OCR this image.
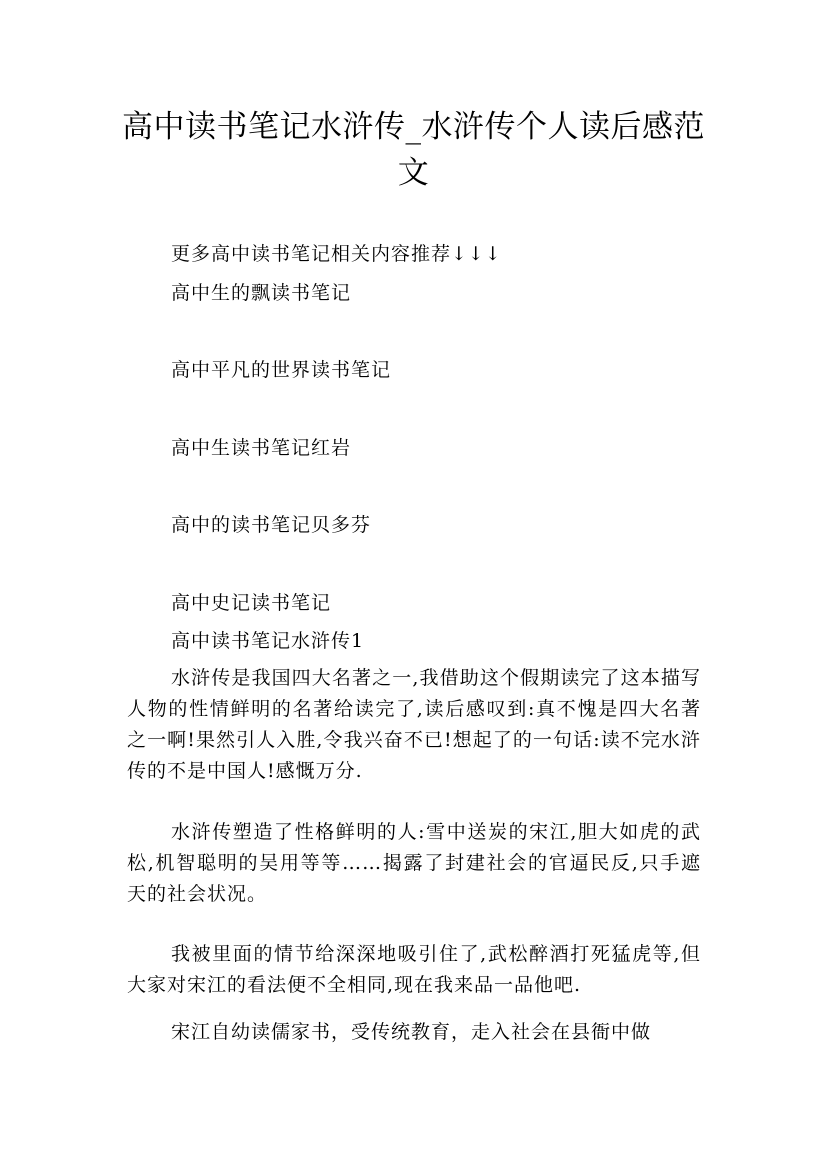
高中读书笔记水浒传_水浒传个人读后感范文
更多高中读书笔记相关内容推荐↓↓↓
高中生的飘读书笔记
高中平凡的世界读书笔记
高中生读书笔记红岩
高中的读书笔记贝多芬
高中史记读书笔记
高中读书笔记水浒传1
水浒传是我国四大名著之一,我借助这个假期读完了这本描写人物的性情鲜明的名著给读完了,读后感叹到:真不愧是四大名著之一啊!果然引人入胜,令我兴奋不已!想起了的一句话:读不完水浒传的不是中国人!感慨万分.
水浒传塑造了性格鲜明的人:雪中送炭的宋江,胆大如虎的武松,机智聪明的吴用等等……揭露了封建社会的官逼民反,只手遮天的社会状况。
我被里面的情节给深深地吸引住了,武松醉酒打死猛虎等,但大家对宋江的看法便不全相同,现在我来品一品他吧.
宋江自幼读儒家书，受传统教育，走入社会在县衙中做
